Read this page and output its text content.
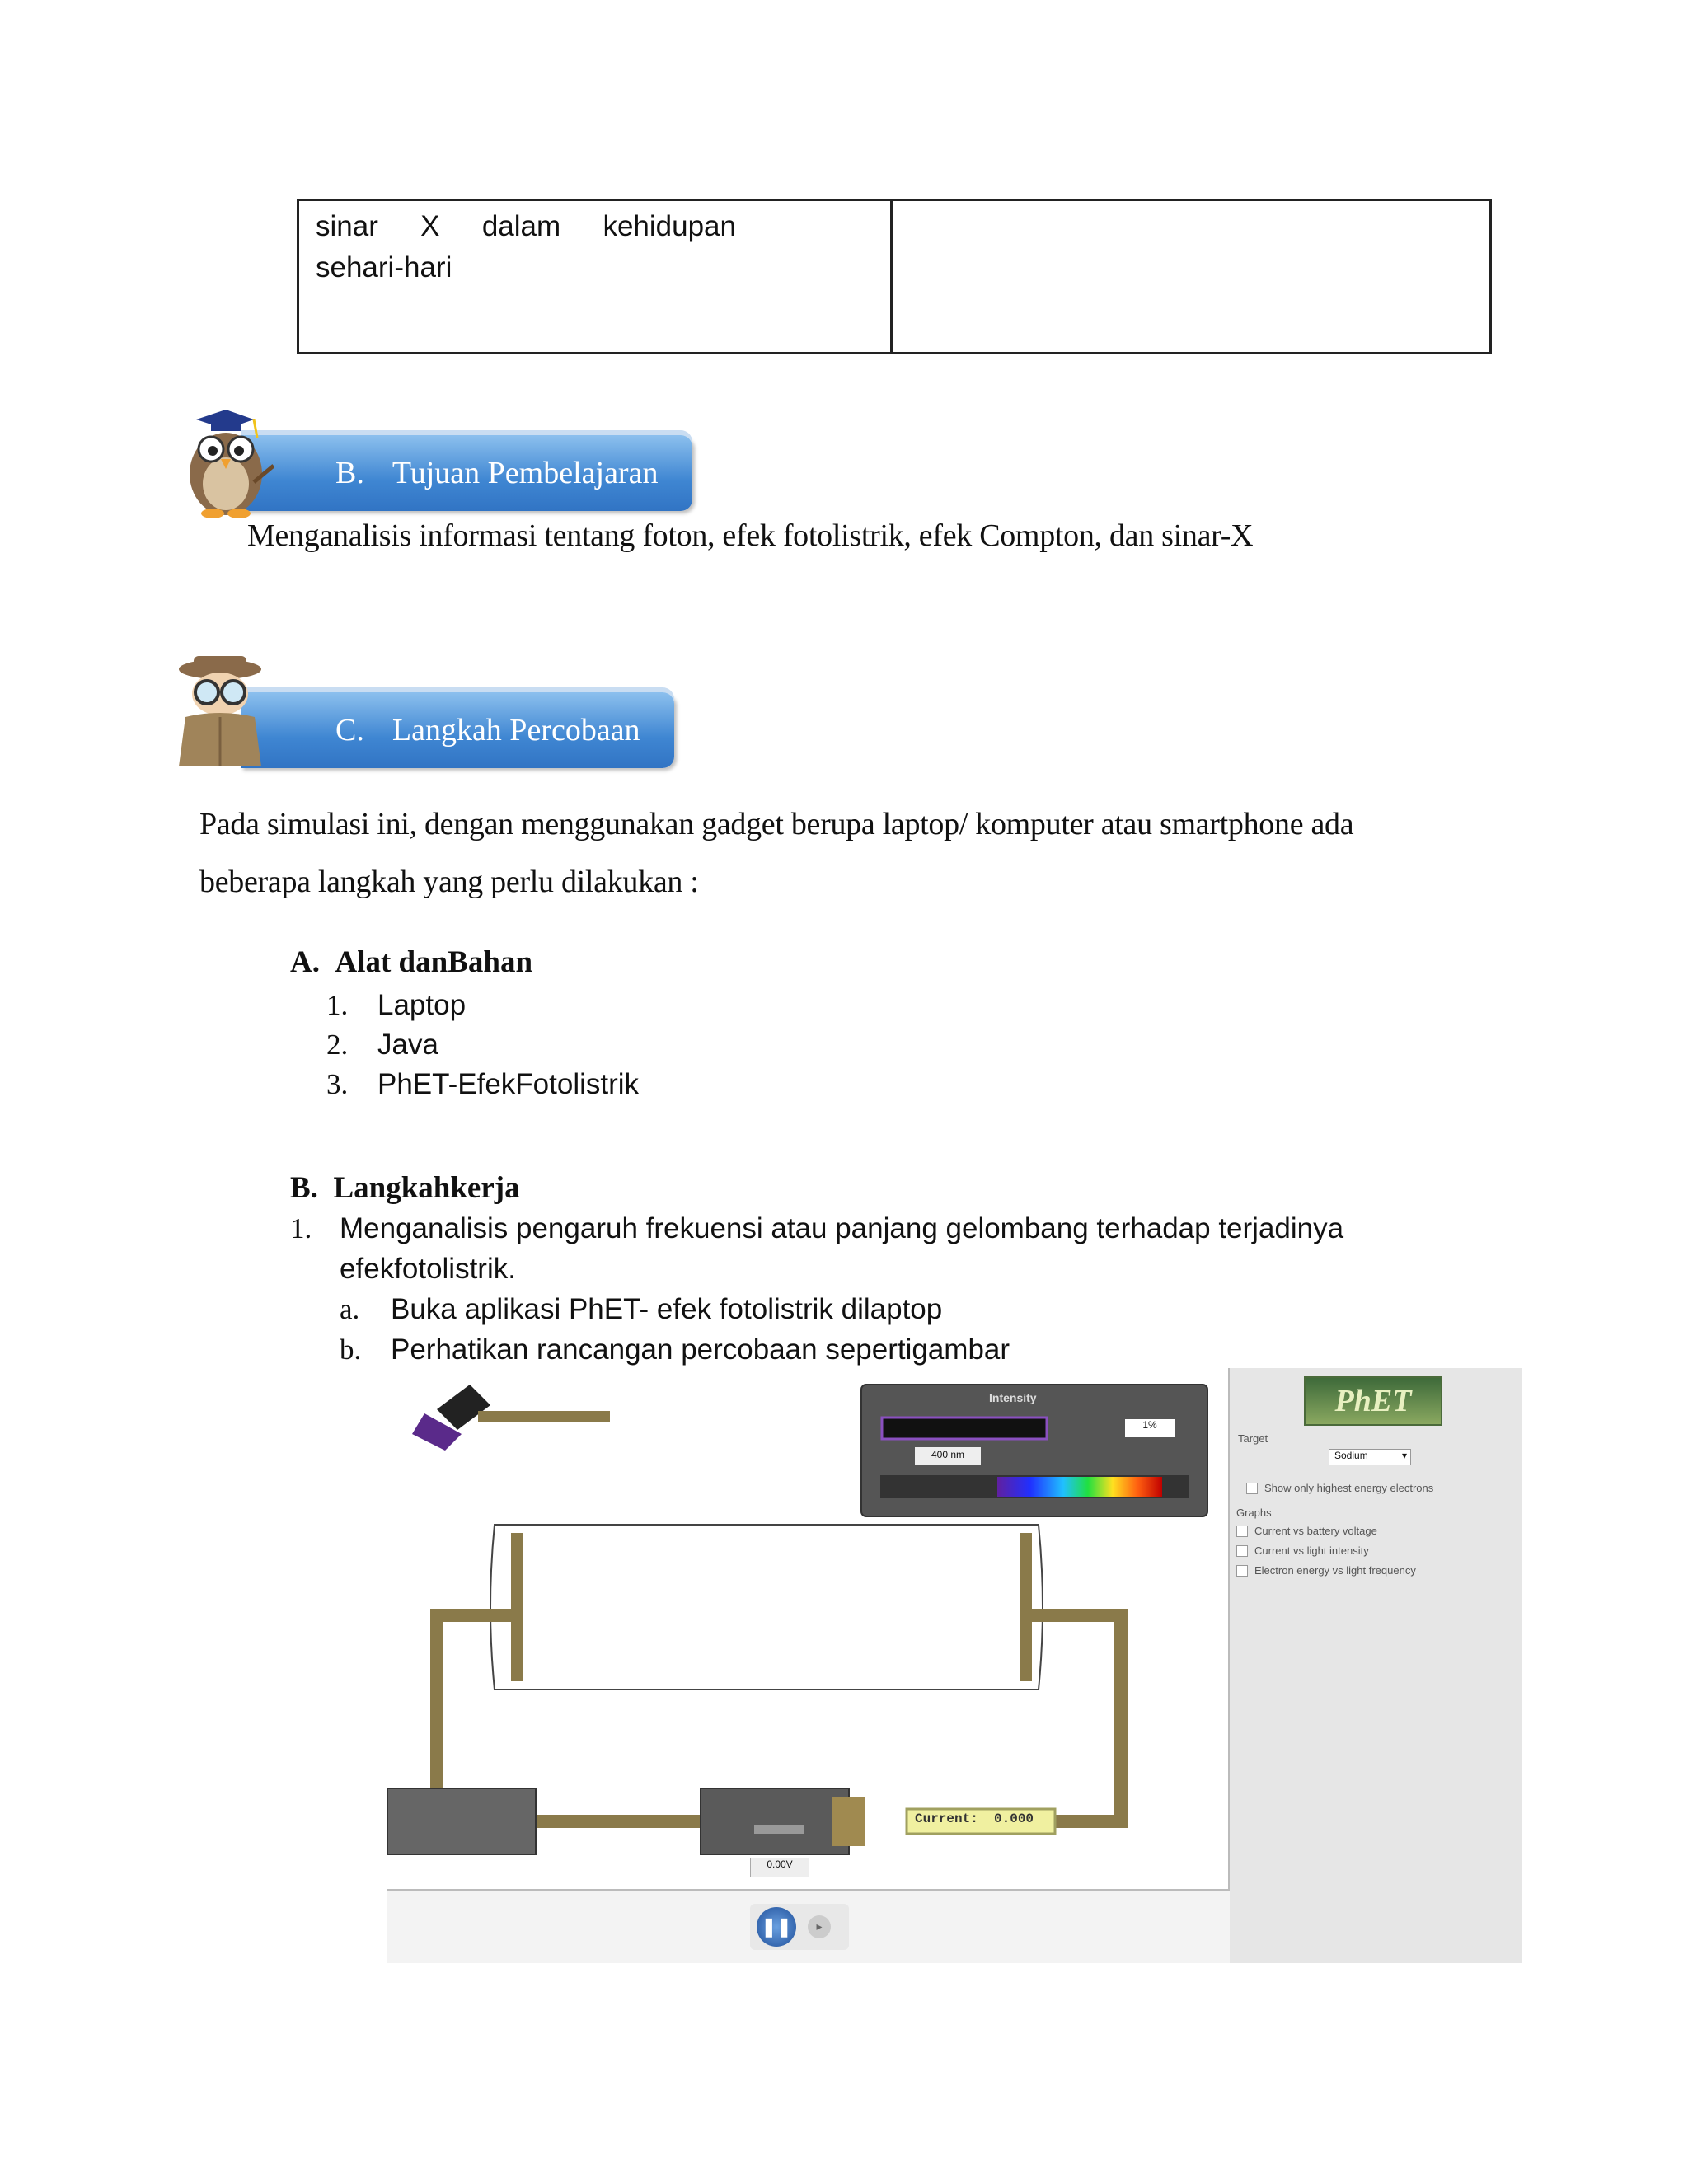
sinar X dalam kehidupan
sehari-hari
B. Tujuan Pembelajaran
Menganalisis informasi tentang foton, efek fotolistrik, efek Compton, dan sinar-X
C. Langkah Percobaan
Pada simulasi ini, dengan menggunakan gadget berupa laptop/ komputer atau smartphone ada
beberapa langkah yang perlu dilakukan :
A. Alat danBahan
1. Laptop
2. Java
3. PhET-EfekFotolistrik
B. Langkahkerja
1. Menganalisis pengaruh frekuensi atau panjang gelombang terhadap terjadinya
efekfotolistrik.
a. Buka aplikasi PhET- efek fotolistrik dilaptop
b. Perhatikan rancangan percobaan sepertigambar
Intensity
1%
400 nm
Current: 0.000
0.00V
PhET
Target
Sodium	▾
Show only highest energy electrons
Graphs
Current vs battery voltage
Current vs light intensity
Electron energy vs light frequency
❚❚	▸
